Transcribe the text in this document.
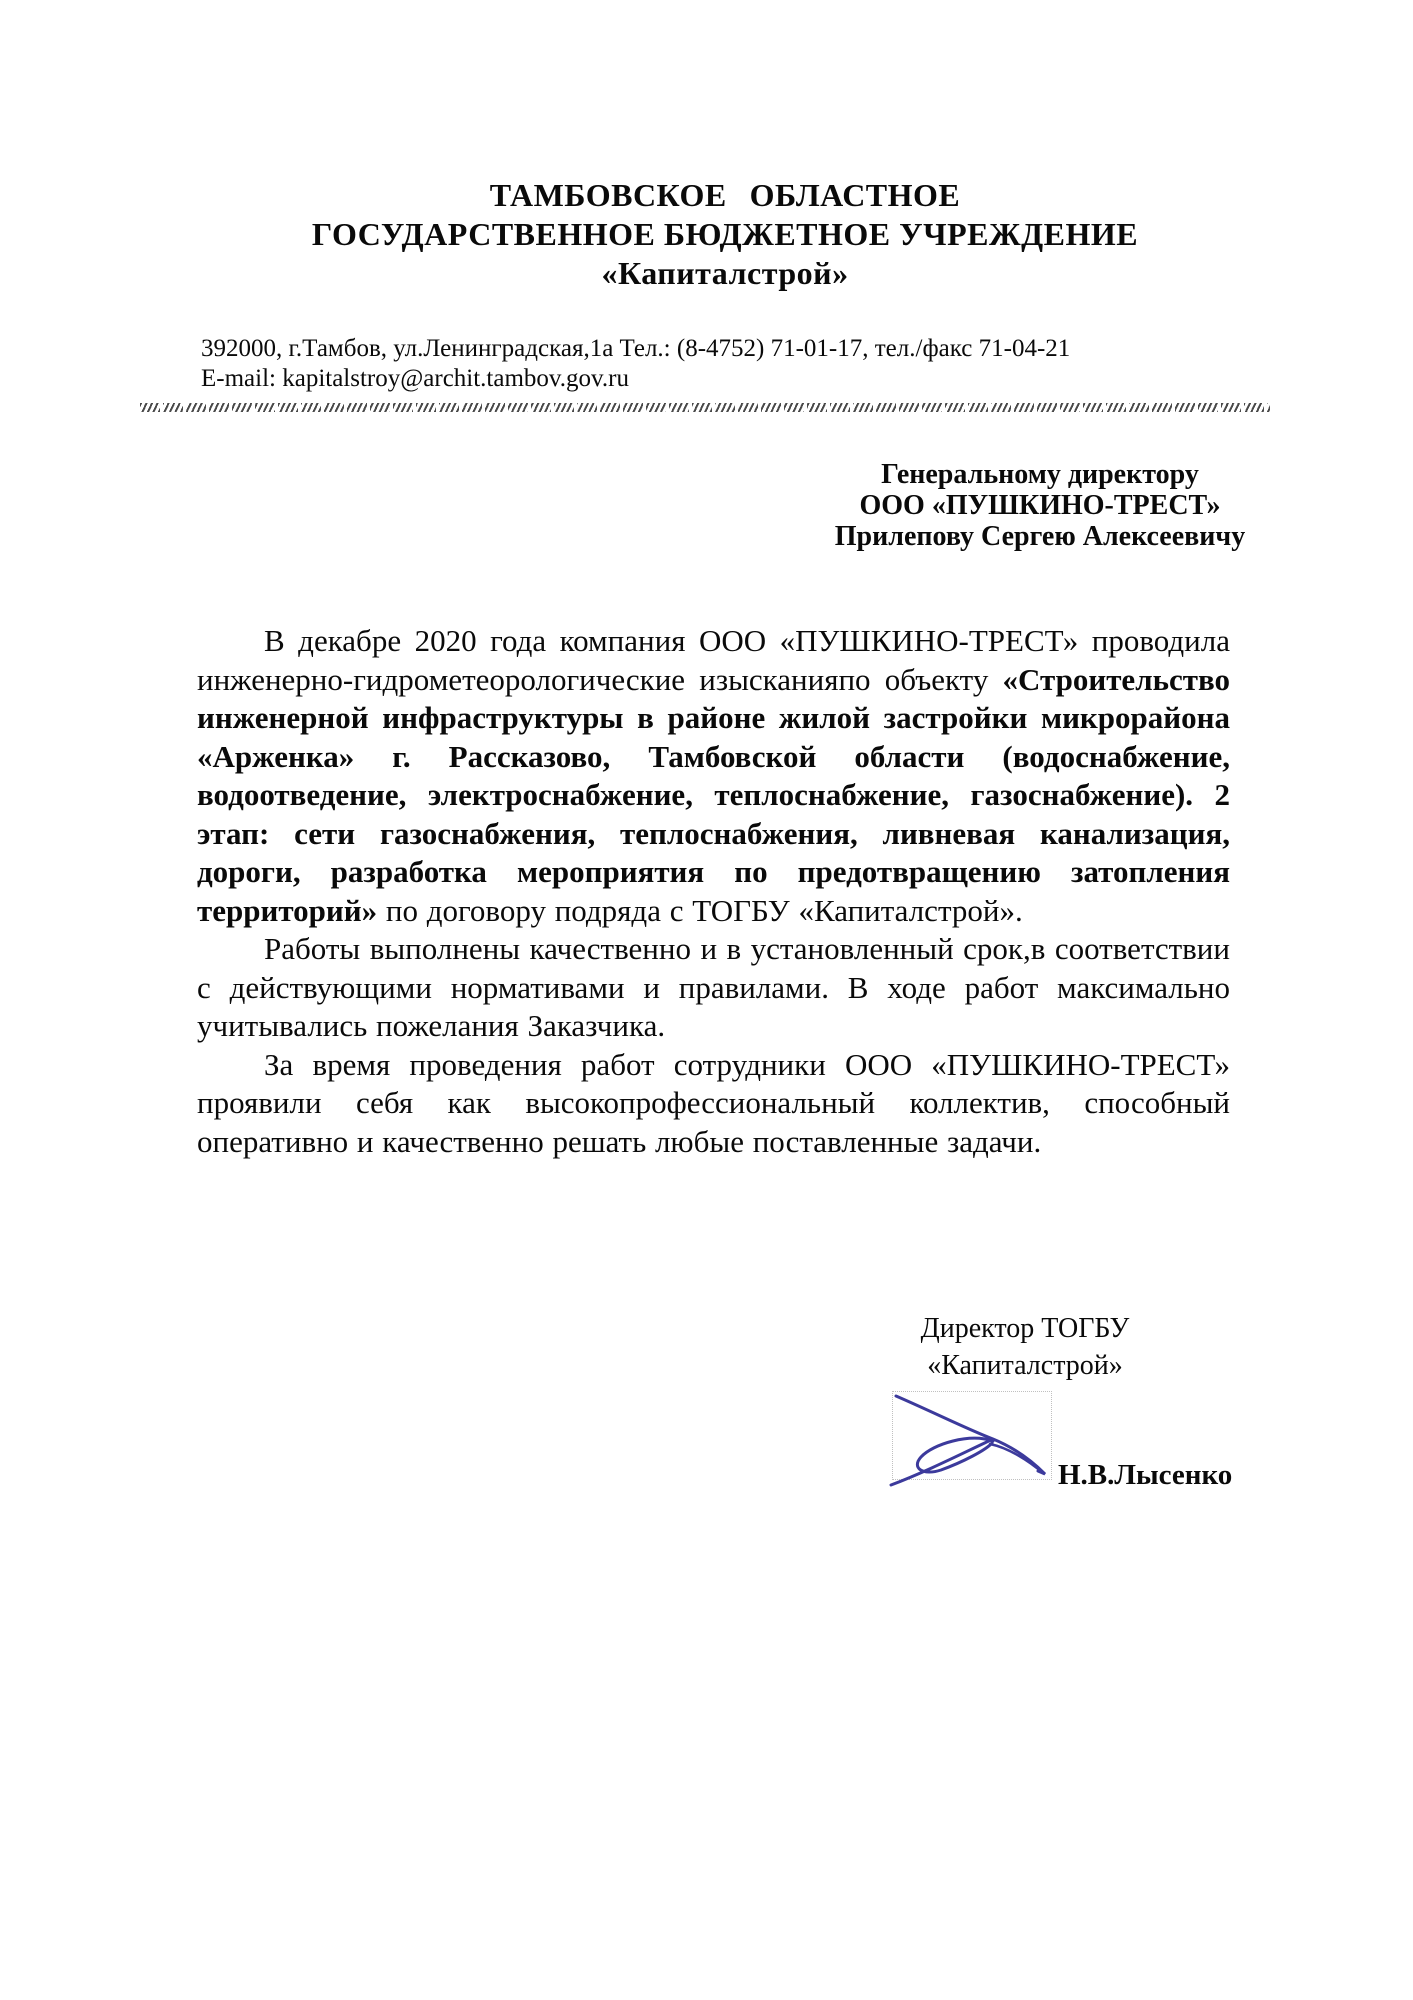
ТАМБОВСКОЕ ОБЛАСТНОЕ
ГОСУДАРСТВЕННОЕ БЮДЖЕТНОЕ УЧРЕЖДЕНИЕ
«Капиталстрой»
392000, г.Тамбов, ул.Ленинградская,1а Тел.: (8-4752) 71-01-17, тел./факс 71-04-21
E-mail: kapitalstroy@archit.tambov.gov.ru
Генеральному директору
ООО «ПУШКИНО-ТРЕСТ»
Прилепову Сергею Алексеевичу

В декабре 2020 года компания ООО «ПУШКИНО-ТРЕСТ» проводила инженерно-гидрометеорологические изысканияпо объекту «Строительство инженерной инфраструктуры в районе жилой застройки микрорайона «Арженка» г. Рассказово, Тамбовской области (водоснабжение, водоотведение, электроснабжение, теплоснабжение, газоснабжение). 2 этап: сети газоснабжения, теплоснабжения, ливневая канализация, дороги, разработка мероприятия по предотвращению затопления территорий» по договору подряда с ТОГБУ «Капиталстрой».

Работы выполнены качественно и в установленный срок,в соответствии с действующими нормативами и правилами. В ходе работ максимально учитывались пожелания Заказчика.

За время проведения работ сотрудники ООО «ПУШКИНО-ТРЕСТ» проявили себя как высокопрофессиональный коллектив, способный оперативно и качественно решать любые поставленные задачи.

Директор ТОГБУ
«Капиталстрой»
Н.В.Лысенко
